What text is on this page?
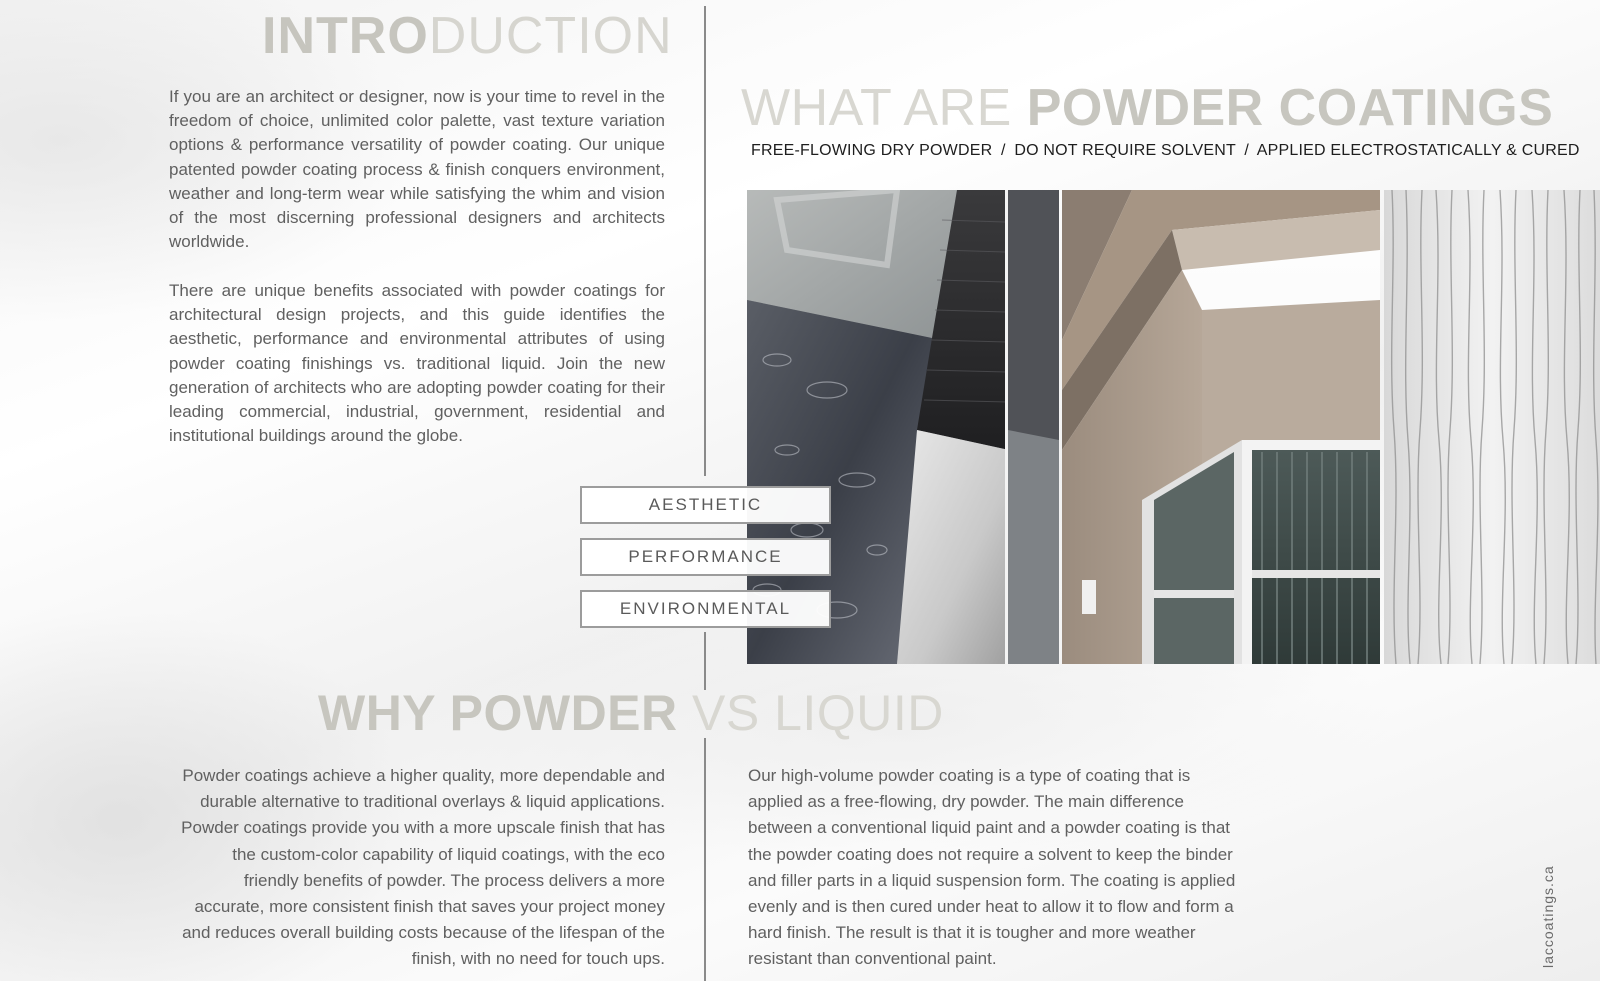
INTRODUCTION

If you are an architect or designer, now is your time to revel in the freedom of choice, unlimited color palette, vast texture variation options & performance versatility of powder coating. Our unique patented powder coating process & finish conquers environment, weather and long-term wear while satisfying the whim and vision of the most discerning professional designers and architects worldwide.

There are unique benefits associated with powder coatings for architectural design projects, and this guide identifies the aesthetic, performance and environmental attributes of using powder coating finishings vs. traditional liquid. Join the new generation of architects who are adopting powder coating for their leading commercial, industrial, government, residential and institutional buildings around the globe.

WHAT ARE POWDER COATINGS
FREE-FLOWING DRY POWDER / DO NOT REQUIRE SOLVENT / APPLIED ELECTROSTATICALLY & CURED
AESTHETIC
PERFORMANCE
ENVIRONMENTAL
WHY POWDER VS LIQUID

Powder coatings achieve a higher quality, more dependable and durable alternative to traditional overlays & liquid applications. Powder coatings provide you with a more upscale finish that has the custom-color capability of liquid coatings, with the eco friendly benefits of powder. The process delivers a more accurate, more consistent finish that saves your project money and reduces overall building costs because of the lifespan of the finish, with no need for touch ups.

Our high-volume powder coating is a type of coating that is applied as a free-flowing, dry powder. The main difference between a conventional liquid paint and a powder coating is that the powder coating does not require a solvent to keep the binder and filler parts in a liquid suspension form. The coating is applied evenly and is then cured under heat to allow it to flow and form a hard finish. The result is that it is tougher and more weather resistant than conventional paint.	laccoatings.ca
